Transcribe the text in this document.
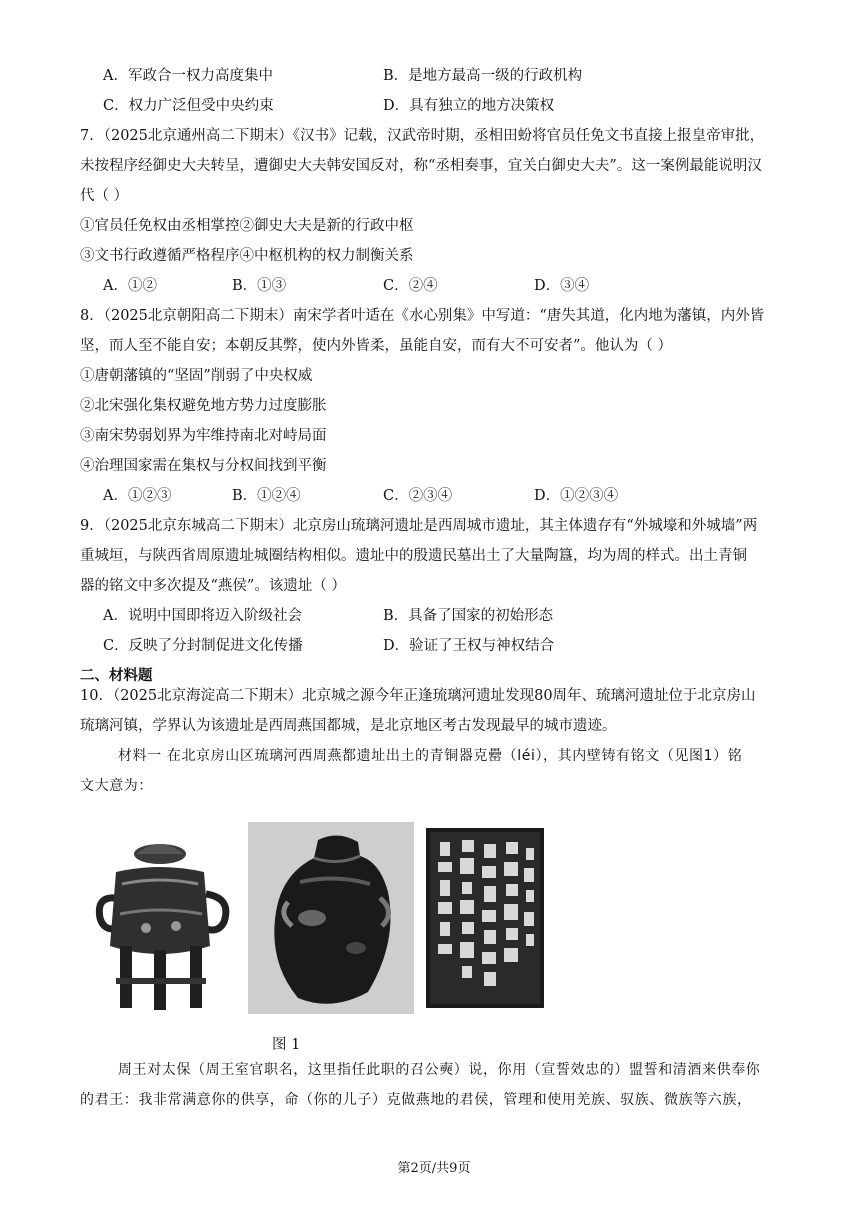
A．军政合一权力高度集中	B．是地方最高一级的行政机构
C．权力广泛但受中央约束	D．具有独立的地方决策权
7．（2025北京通州高二下期末）《汉书》记载，汉武帝时期，丞相田蚡将官员任免文书直接上报皇帝审批，
未按程序经御史大夫转呈，遭御史大夫韩安国反对，称“丞相奏事，宜关白御史大夫”。这一案例最能说明汉
代（ ）
①官员任免权由丞相掌控②御史大夫是新的行政中枢
③文书行政遵循严格程序④中枢机构的权力制衡关系
A．①②	B．①③	C．②④	D．③④
8．（2025北京朝阳高二下期末）南宋学者叶适在《水心别集》中写道：“唐失其道，化内地为藩镇，内外皆
坚，而人至不能自安；本朝反其弊，使内外皆柔，虽能自安，而有大不可安者”。他认为（ ）
①唐朝藩镇的“坚固”削弱了中央权威
②北宋强化集权避免地方势力过度膨胀
③南宋势弱划界为牢维持南北对峙局面
④治理国家需在集权与分权间找到平衡
A．①②③	B．①②④	C．②③④	D．①②③④
9．（2025北京东城高二下期末）北京房山琉璃河遗址是西周城市遗址，其主体遗存有“外城壕和外城墙”两
重城垣，与陕西省周原遗址城圈结构相似。遗址中的殷遗民墓出土了大量陶簋，均为周的样式。出土青铜
器的铭文中多次提及“燕侯”。该遗址（ ）
A．说明中国即将迈入阶级社会	B．具备了国家的初始形态
C．反映了分封制促进文化传播	D．验证了王权与神权结合
二、材料题
10．（2025北京海淀高二下期末）北京城之源今年正逢琉璃河遗址发现80周年、琉璃河遗址位于北京房山
琉璃河镇，学界认为该遗址是西周燕国都城，是北京地区考古发现最早的城市遗迹。
材料一 在北京房山区琉璃河西周燕都遗址出土的青铜器克罍（léi），其内壁铸有铭文（见图1）铭
文大意为：
图 1
周王对太保（周王室官职名，这里指任此职的召公奭）说，你用（宣誓效忠的）盟誓和清酒来供奉你
的君王：我非常满意你的供享，命（你的儿子）克做燕地的君侯，管理和使用羌族、驭族、微族等六族，
第2页/共9页
